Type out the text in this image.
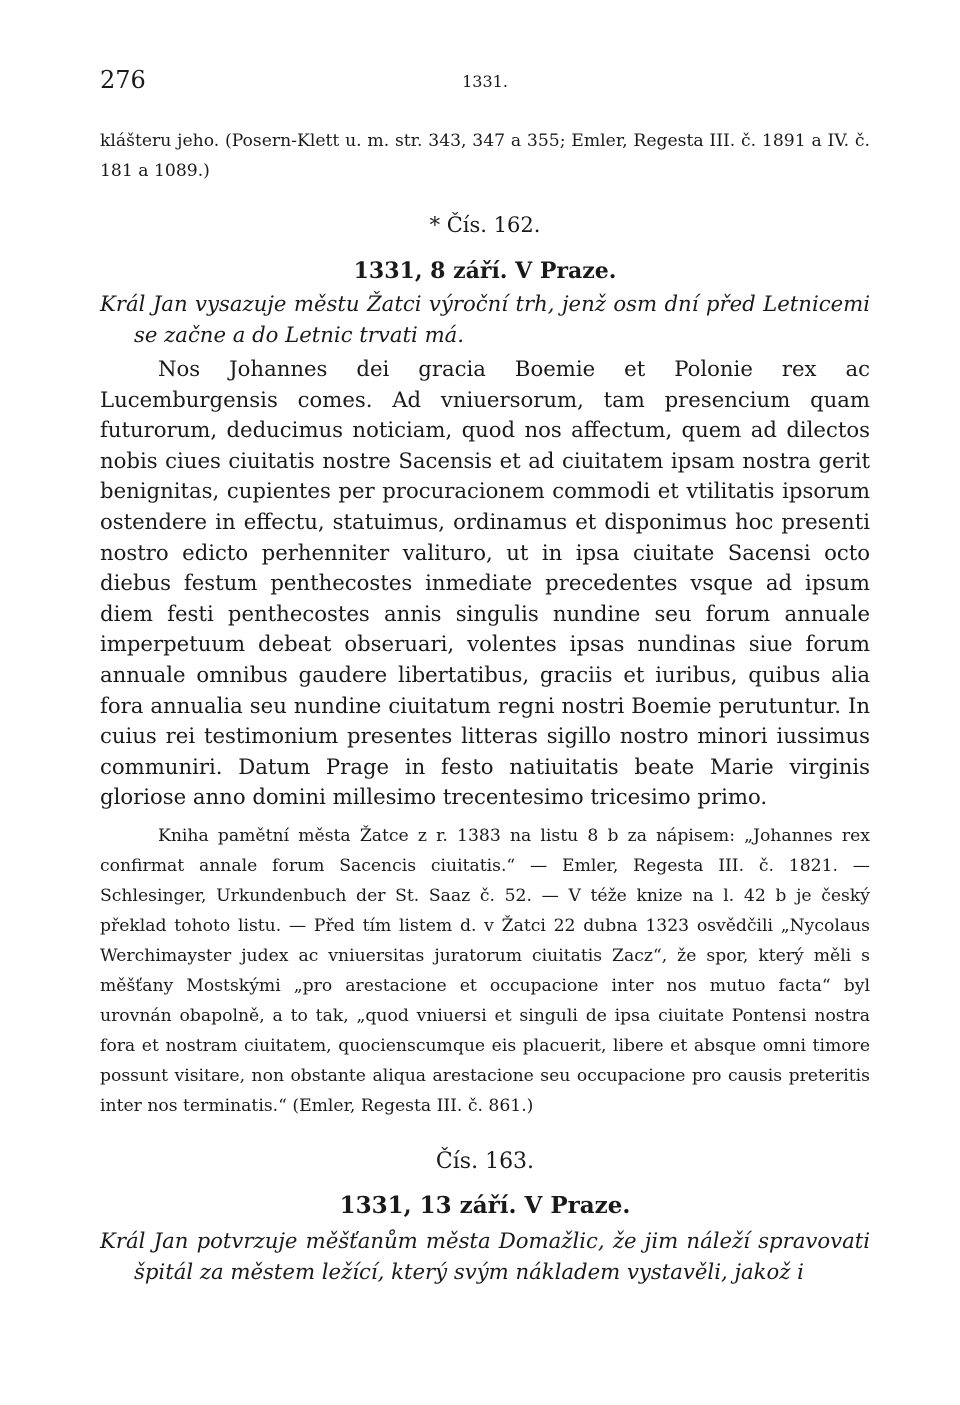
276	1331.

klášteru jeho. (Posern-Klett u. m. str. 343, 347 a 355; Emler, Regesta III. č. 1891 a IV. č. 181 a 1089.)

* Čís. 162.

1331, 8 září. V Praze.

Král Jan vysazuje městu Žatci výroční trh, jenž osm dní před Letnicemi se začne a do Letnic trvati má.

Nos Johannes dei gracia Boemie et Polonie rex ac Lucemburgensis comes. Ad vniuersorum, tam presencium quam futurorum, deducimus noticiam, quod nos affectum, quem ad dilectos nobis ciues ciuitatis nostre Sacensis et ad ciuitatem ipsam nostra gerit benignitas, cupientes per procuracionem commodi et vtilitatis ipsorum ostendere in effectu, statuimus, ordinamus et disponimus hoc presenti nostro edicto perhenniter valituro, ut in ipsa ciuitate Sacensi octo diebus festum penthecostes inmediate precedentes vsque ad ipsum diem festi penthecostes annis singulis nundine seu forum annuale imperpetuum debeat obseruari, volentes ipsas nundinas siue forum annuale omnibus gaudere libertatibus, graciis et iuribus, quibus alia fora annualia seu nundine ciuitatum regni nostri Boemie perutuntur. In cuius rei testimonium presentes litteras sigillo nostro minori iussimus communiri. Datum Prage in festo natiuitatis beate Marie virginis gloriose anno domini millesimo trecentesimo tricesimo primo.

Kniha pamětní města Žatce z r. 1383 na listu 8 b za nápisem: „Johannes rex confirmat annale forum Sacencis ciuitatis.“ — Emler, Regesta III. č. 1821. — Schlesinger, Urkundenbuch der St. Saaz č. 52. — V téže knize na l. 42 b je český překlad tohoto listu. — Před tím listem d. v Žatci 22 dubna 1323 osvědčili „Nycolaus Werchimayster judex ac vniuersitas juratorum ciuitatis Zacz“, že spor, který měli s měšťany Mostskými „pro arestacione et occupacione inter nos mutuo facta“ byl urovnán obapolně, a to tak, „quod vniuersi et singuli de ipsa ciuitate Pontensi nostra fora et nostram ciuitatem, quocienscumque eis placuerit, libere et absque omni timore possunt visitare, non obstante aliqua arestacione seu occupacione pro causis preteritis inter nos terminatis.“ (Emler, Regesta III. č. 861.)

Čís. 163.

1331, 13 září. V Praze.

Král Jan potvrzuje měšťanům města Domažlic, že jim náleží spravovati špitál za městem ležící, který svým nákladem vystavěli, jakož i
